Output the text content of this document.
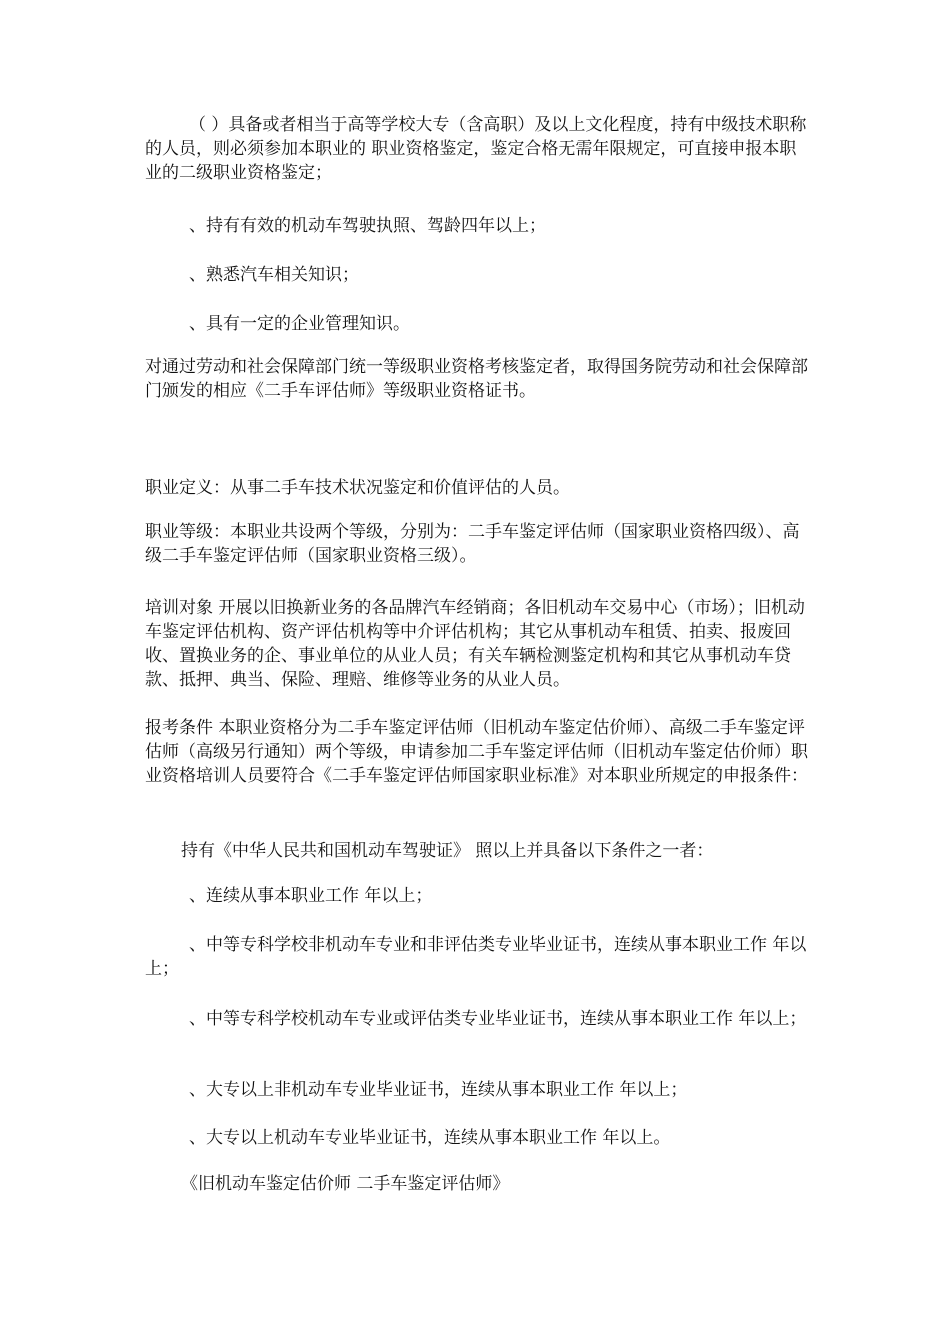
（ ）具备或者相当于高等学校大专（含高职）及以上文化程度，持有中级技术职称的人员，则必须参加本职业的 职业资格鉴定，鉴定合格无需年限规定，可直接申报本职业的二级职业资格鉴定；

、持有有效的机动车驾驶执照、驾龄四年以上；

、熟悉汽车相关知识；

、具有一定的企业管理知识。

对通过劳动和社会保障部门统一等级职业资格考核鉴定者，取得国务院劳动和社会保障部门颁发的相应《二手车评估师》等级职业资格证书。

职业定义：从事二手车技术状况鉴定和价值评估的人员。

职业等级：本职业共设两个等级，分别为：二手车鉴定评估师（国家职业资格四级）、高级二手车鉴定评估师（国家职业资格三级）。

培训对象 开展以旧换新业务的各品牌汽车经销商；各旧机动车交易中心（市场）；旧机动车鉴定评估机构、资产评估机构等中介评估机构；其它从事机动车租赁、拍卖、报废回收、置换业务的企、事业单位的从业人员；有关车辆检测鉴定机构和其它从事机动车贷款、抵押、典当、保险、理赔、维修等业务的从业人员。

报考条件 本职业资格分为二手车鉴定评估师（旧机动车鉴定估价师）、高级二手车鉴定评估师（高级另行通知）两个等级，申请参加二手车鉴定评估师（旧机动车鉴定估价师）职业资格培训人员要符合《二手车鉴定评估师国家职业标准》对本职业所规定的申报条件：

持有《中华人民共和国机动车驾驶证》 照以上并具备以下条件之一者：

、连续从事本职业工作 年以上；

、中等专科学校非机动车专业和非评估类专业毕业证书，连续从事本职业工作 年以上；

、中等专科学校机动车专业或评估类专业毕业证书，连续从事本职业工作 年以上；

、大专以上非机动车专业毕业证书，连续从事本职业工作 年以上；

、大专以上机动车专业毕业证书，连续从事本职业工作 年以上。

《旧机动车鉴定估价师 二手车鉴定评估师》
